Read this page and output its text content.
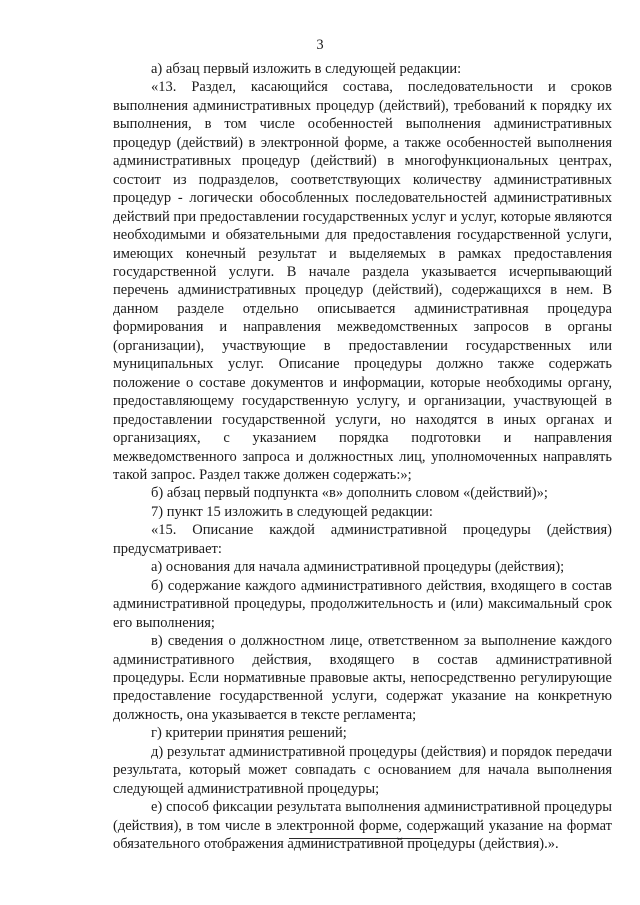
3

а) абзац первый изложить в следующей редакции:

«13. Раздел, касающийся состава, последовательности и сроков выполнения административных процедур (действий), требований к порядку их выполнения, в том числе особенностей выполнения административных процедур (действий) в электронной форме, а также особенностей выполнения административных процедур (действий) в многофункциональных центрах, состоит из подразделов, соответствующих количеству административных процедур - логически обособленных последовательностей административных действий при предоставлении государственных услуг и услуг, которые являются необходимыми и обязательными для предоставления государственной услуги, имеющих конечный результат и выделяемых в рамках предоставления государственной услуги. В начале раздела указывается исчерпывающий перечень административных процедур (действий), содержащихся в нем. В данном разделе отдельно описывается административная процедура формирования и направления межведомственных запросов в органы (организации), участвующие в предоставлении государственных или муниципальных услуг. Описание процедуры должно также содержать положение о составе документов и информации, которые необходимы органу, предоставляющему государственную услугу, и организации, участвующей в предоставлении государственной услуги, но находятся в иных органах и организациях, с указанием порядка подготовки и направления межведомственного запроса и должностных лиц, уполномоченных направлять такой запрос. Раздел также должен содержать:»;

б) абзац первый подпункта «в» дополнить словом «(действий)»;

7) пункт 15 изложить в следующей редакции:

«15. Описание каждой административной процедуры (действия) предусматривает:

а) основания для начала административной процедуры (действия);

б) содержание каждого административного действия, входящего в состав административной процедуры, продолжительность и (или) максимальный срок его выполнения;

в) сведения о должностном лице, ответственном за выполнение каждого административного действия, входящего в состав административной процедуры. Если нормативные правовые акты, непосредственно регулирующие предоставление государственной услуги, содержат указание на конкретную должность, она указывается в тексте регламента;

г) критерии принятия решений;

д) результат административной процедуры (действия) и порядок передачи результата, который может совпадать с основанием для начала выполнения следующей административной процедуры;

е) способ фиксации результата выполнения административной процедуры (действия), в том числе в электронной форме, содержащий указание на формат обязательного отображения административной процедуры (действия).».
